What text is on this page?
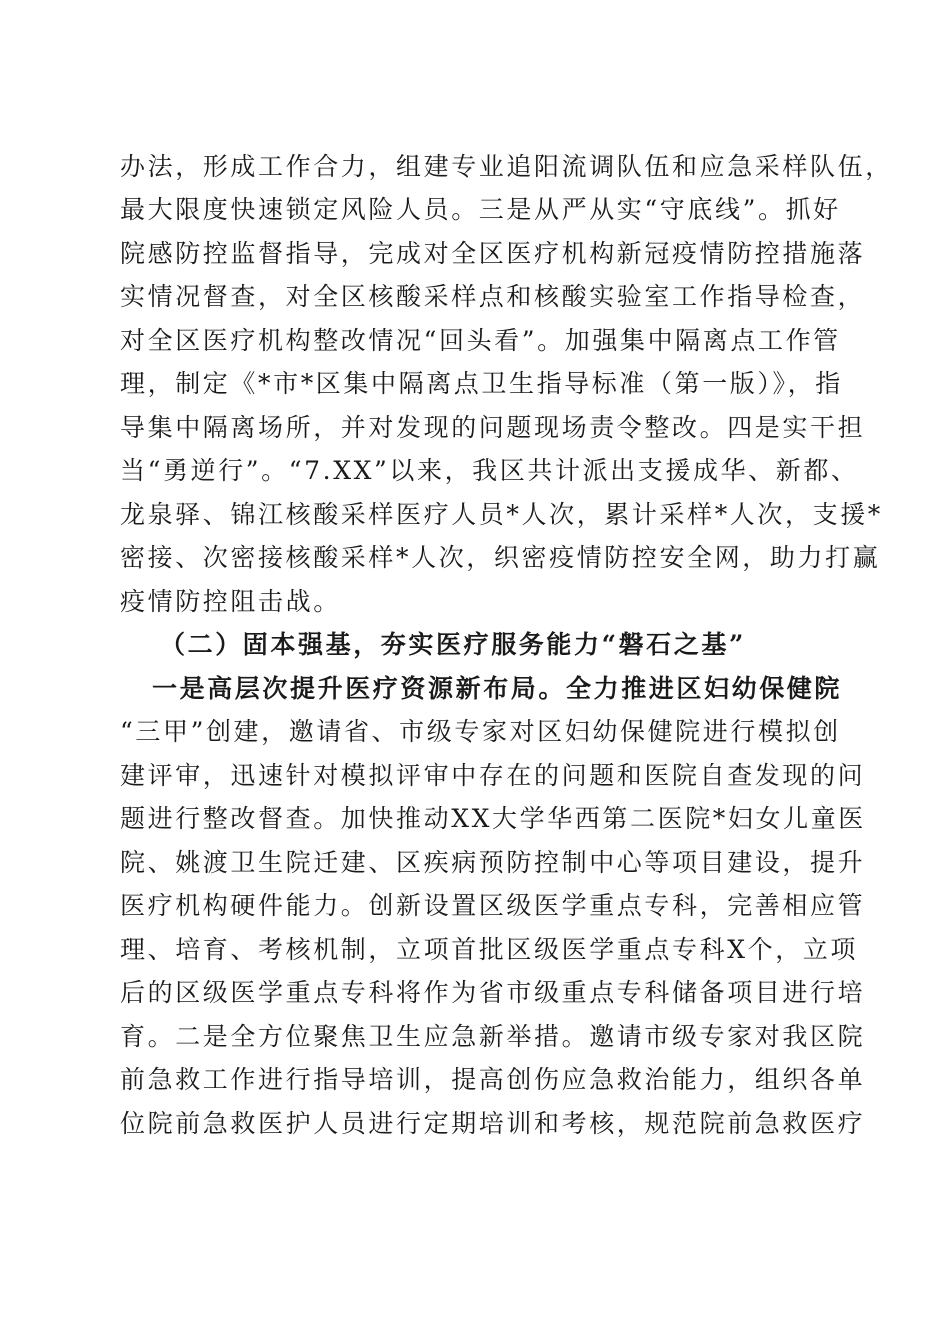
办法，形成工作合力，组建专业追阳流调队伍和应急采样队伍，
最大限度快速锁定风险人员。三是从严从实“守底线”。抓好
院感防控监督指导，完成对全区医疗机构新冠疫情防控措施落
实情况督查，对全区核酸采样点和核酸实验室工作指导检查，
对全区医疗机构整改情况“回头看”。加强集中隔离点工作管
理，制定《*市*区集中隔离点卫生指导标准（第一版）》，指
导集中隔离场所，并对发现的问题现场责令整改。四是实干担
当“勇逆行”。“7.XX”以来，我区共计派出支援成华、新都、
龙泉驿、锦江核酸采样医疗人员*人次，累计采样*人次，支援*
密接、次密接核酸采样*人次，织密疫情防控安全网，助力打赢
疫情防控阻击战。
（二）固本强基，夯实医疗服务能力“磐石之基”
一是高层次提升医疗资源新布局。全力推进区妇幼保健院
“三甲”创建，邀请省、市级专家对区妇幼保健院进行模拟创
建评审，迅速针对模拟评审中存在的问题和医院自查发现的问
题进行整改督查。加快推动XX大学华西第二医院*妇女儿童医
院、姚渡卫生院迁建、区疾病预防控制中心等项目建设，提升
医疗机构硬件能力。创新设置区级医学重点专科，完善相应管
理、培育、考核机制，立项首批区级医学重点专科X个，立项
后的区级医学重点专科将作为省市级重点专科储备项目进行培
育。二是全方位聚焦卫生应急新举措。邀请市级专家对我区院
前急救工作进行指导培训，提高创伤应急救治能力，组织各单
位院前急救医护人员进行定期培训和考核，规范院前急救医疗
